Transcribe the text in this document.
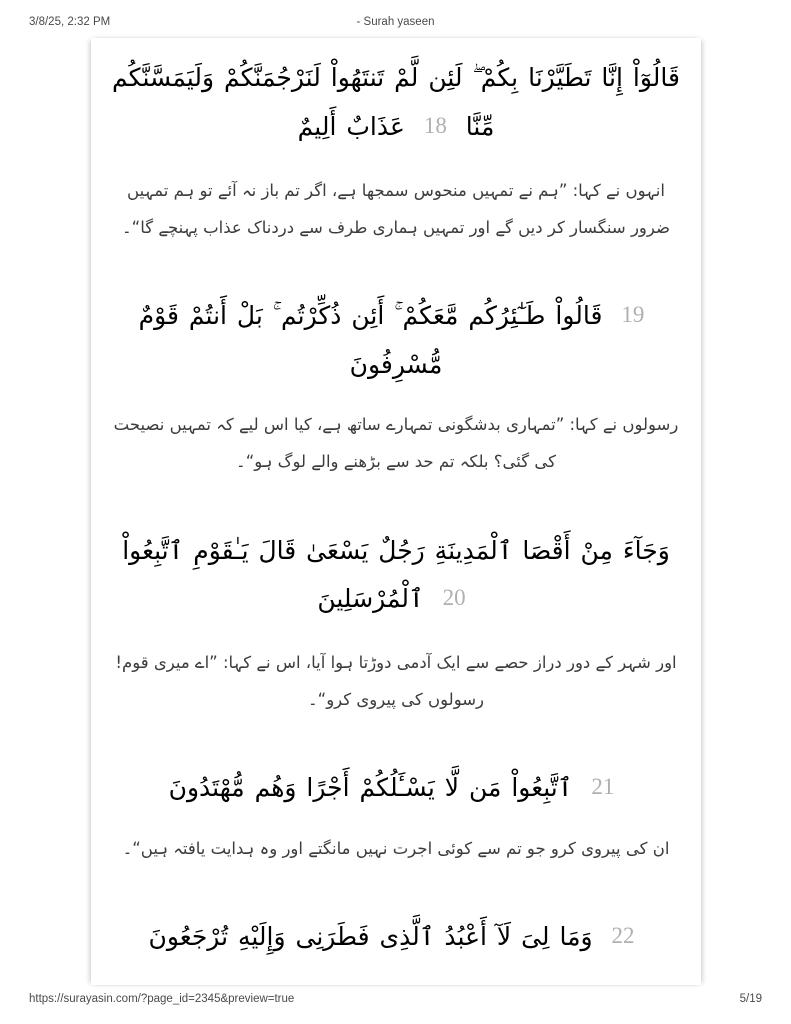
3/8/25, 2:32 PM	- Surah yaseen
قَالُوٓاْ إِنَّا تَطَيَّرْنَا بِكُمْ ۖ لَئِن لَّمْ تَنتَهُواْ لَنَرْجُمَنَّكُمْ وَلَيَمَسَّنَّكُم مِّنَّا 18 عَذَابٌ أَلِيمٌ
انہوں نے کہا: ”ہم نے تمہیں منحوس سمجھا ہے، اگر تم باز نہ آئے تو ہم تمہیں ضرور سنگسار کر دیں گے اور تمہیں ہماری طرف سے دردناک عذاب پہنچے گا“۔
19 قَالُواْ طَـٰٓئِرُكُم مَّعَكُمْ ۚ أَئِن ذُكِّرْتُم ۚ بَلْ أَنتُمْ قَوْمٌ مُّسْرِفُونَ
رسولوں نے کہا: ”تمہاری بدشگونی تمہارے ساتھ ہے، کیا اس لیے کہ تمہیں نصیحت کی گئی؟ بلکہ تم حد سے بڑھنے والے لوگ ہو“۔
وَجَآءَ مِنْ أَقْصَا ٱلْمَدِينَةِ رَجُلٌ يَسْعَىٰ قَالَ يَـٰقَوْمِ ٱتَّبِعُواْ 20 ٱلْمُرْسَلِينَ
اور شہر کے دور دراز حصے سے ایک آدمی دوڑتا ہوا آیا، اس نے کہا: ”اے میری قوم! رسولوں کی پیروی کرو“۔
21 ٱتَّبِعُواْ مَن لَّا يَسْـَٔلُكُمْ أَجْرًا وَهُم مُّهْتَدُونَ
ان کی پیروی کرو جو تم سے کوئی اجرت نہیں مانگتے اور وہ ہدایت یافتہ ہیں“۔
22 وَمَا لِىَ لَآ أَعْبُدُ ٱلَّذِى فَطَرَنِى وَإِلَيْهِ تُرْجَعُونَ
https://surayasin.com/?page_id=2345&preview=true	5/19
